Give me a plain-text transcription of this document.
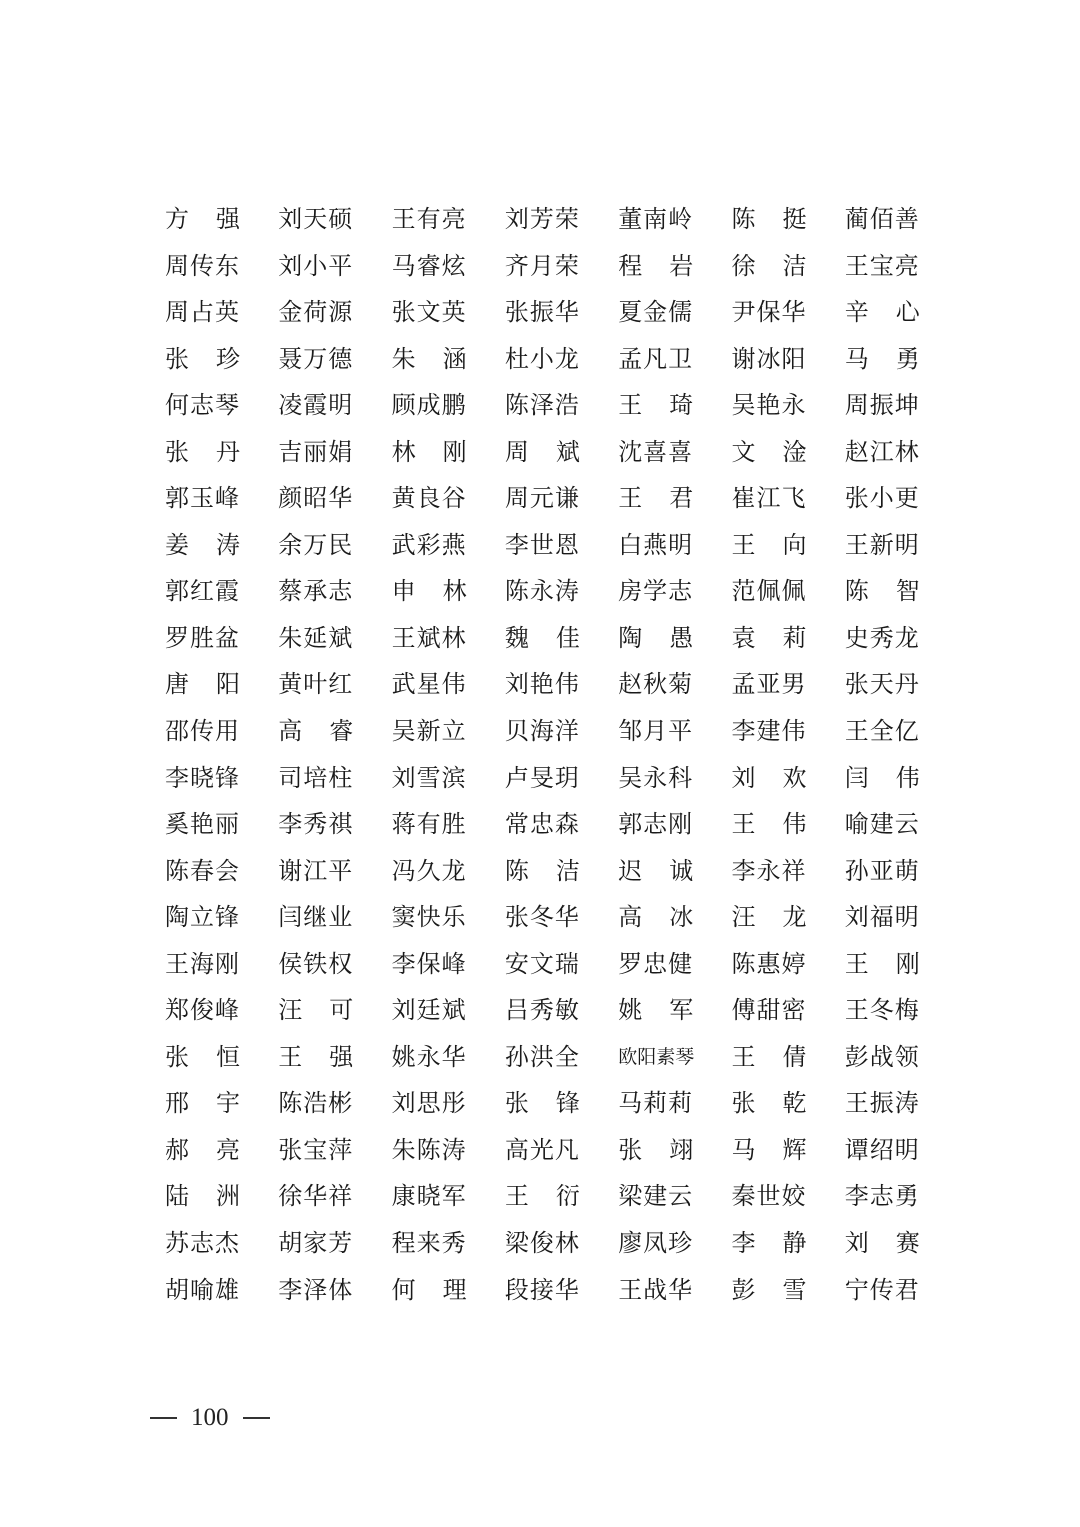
方 强 刘天硕 王有亮 刘芳荣 董南岭 陈 挺 蔺佰善
周传东 刘小平 马睿炫 齐月荣 程 岩 徐 洁 王宝亮
周占英 金荷源 张文英 张振华 夏金儒 尹保华 辛 心
张 珍 聂万德 朱 涵 杜小龙 孟凡卫 谢冰阳 马 勇
何志琴 凌霞明 顾成鹏 陈泽浩 王 琦 吴艳永 周振坤
张 丹 吉丽娟 林 刚 周 斌 沈喜喜 文 淦 赵江林
郭玉峰 颜昭华 黄良谷 周元谦 王 君 崔江飞 张小更
姜 涛 余万民 武彩燕 李世恩 白燕明 王 向 王新明
郭红霞 蔡承志 申 林 陈永涛 房学志 范佩佩 陈 智
罗胜盆 朱延斌 王斌林 魏 佳 陶 愚 袁 莉 史秀龙
唐 阳 黄叶红 武星伟 刘艳伟 赵秋菊 孟亚男 张天丹
邵传用 高 睿 吴新立 贝海洋 邹月平 李建伟 王全亿
李晓锋 司培柱 刘雪滨 卢旻玥 吴永科 刘 欢 闫 伟
奚艳丽 李秀祺 蒋有胜 常忠森 郭志刚 王 伟 喻建云
陈春会 谢江平 冯久龙 陈 洁 迟 诚 李永祥 孙亚萌
陶立锋 闫继业 窦快乐 张冬华 高 冰 汪 龙 刘福明
王海刚 侯铁权 李保峰 安文瑞 罗忠健 陈惠婷 王 刚
郑俊峰 汪 可 刘廷斌 吕秀敏 姚 军 傅甜密 王冬梅
张 恒 王 强 姚永华 孙洪全 欧阳素琴 王 倩 彭战领
邢 宇 陈浩彬 刘思彤 张 锋 马莉莉 张 乾 王振涛
郝 亮 张宝萍 朱陈涛 高光凡 张 翊 马 辉 谭绍明
陆 洲 徐华祥 康晓军 王 衍 梁建云 秦世姣 李志勇
苏志杰 胡家芳 程来秀 梁俊林 廖凤珍 李 静 刘 赛
胡喻雄 李泽体 何 理 段接华 王战华 彭 雪 宁传君
100
